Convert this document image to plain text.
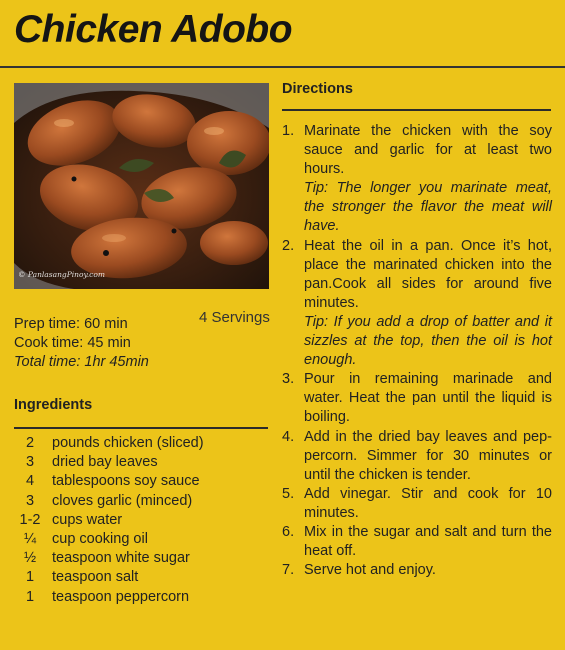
Chicken Adobo
© PanlasangPinoy.com
4 Servings
Prep time: 60 min
Cook time: 45 min
Total time: 1hr 45min
Ingredients
2	pounds chicken (sliced)
3	dried bay leaves
4	tablespoons soy sauce
3	cloves garlic (minced)
1-2 cups water
¼	cup cooking oil
½	teaspoon white sugar
1	teaspoon salt
1	teaspoon peppercorn
Directions
1. Marinate the chicken with the soy sauce and garlic for at least two hours.
Tip: The longer you marinate meat, the stronger the flavor the meat will have.
2. Heat the oil in a pan. Once it’s hot, place the marinated chicken into the pan.Cook all sides for around five minutes.
Tip: If you add a drop of batter and it sizzles at the top, then the oil is hot enough.
3. Pour in remaining marinade and water. Heat the pan until the liquid is boiling.
4. Add in the dried bay leaves and pep-percorn. Simmer for 30 minutes or until the chicken is tender.
5. Add vinegar. Stir and cook for 10 minutes.
6. Mix in the sugar and salt and turn the heat off.
7. Serve hot and enjoy.
